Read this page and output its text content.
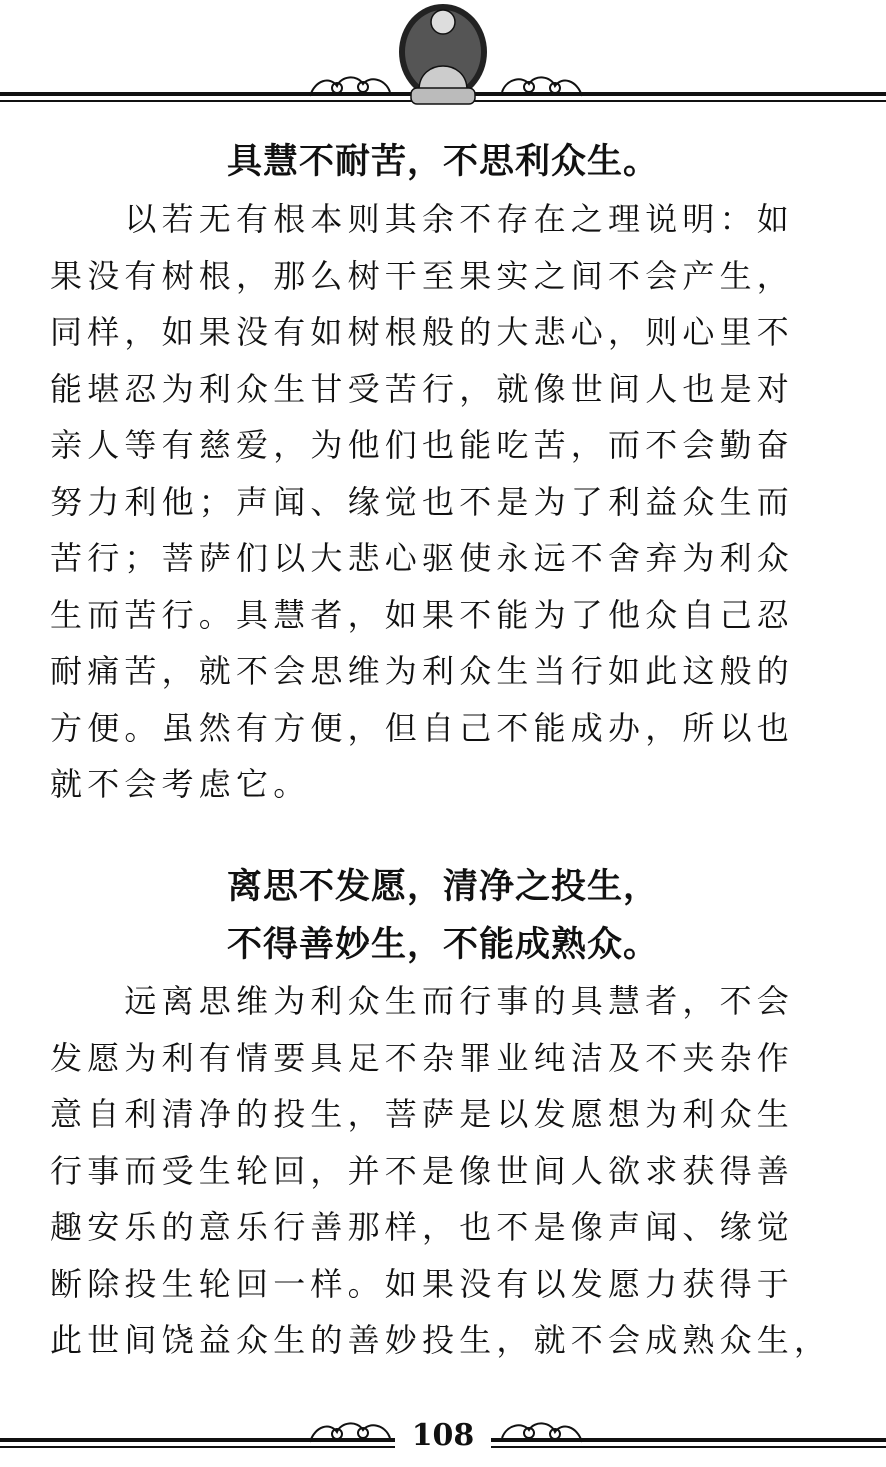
具慧不耐苦，不思利众生。
　　以若无有根本则其余不存在之理说明：如
果没有树根，那么树干至果实之间不会产生，
同样，如果没有如树根般的大悲心，则心里不
能堪忍为利众生甘受苦行，就像世间人也是对
亲人等有慈爱，为他们也能吃苦，而不会勤奋
努力利他；声闻、缘觉也不是为了利益众生而
苦行；菩萨们以大悲心驱使永远不舍弃为利众
生而苦行。具慧者，如果不能为了他众自己忍
耐痛苦，就不会思维为利众生当行如此这般的
方便。虽然有方便，但自己不能成办，所以也
就不会考虑它。
离思不发愿，清净之投生，
不得善妙生，不能成熟众。
　　远离思维为利众生而行事的具慧者，不会
发愿为利有情要具足不杂罪业纯洁及不夹杂作
意自利清净的投生，菩萨是以发愿想为利众生
行事而受生轮回，并不是像世间人欲求获得善
趣安乐的意乐行善那样，也不是像声闻、缘觉
断除投生轮回一样。如果没有以发愿力获得于
此世间饶益众生的善妙投生，就不会成熟众生，
108
